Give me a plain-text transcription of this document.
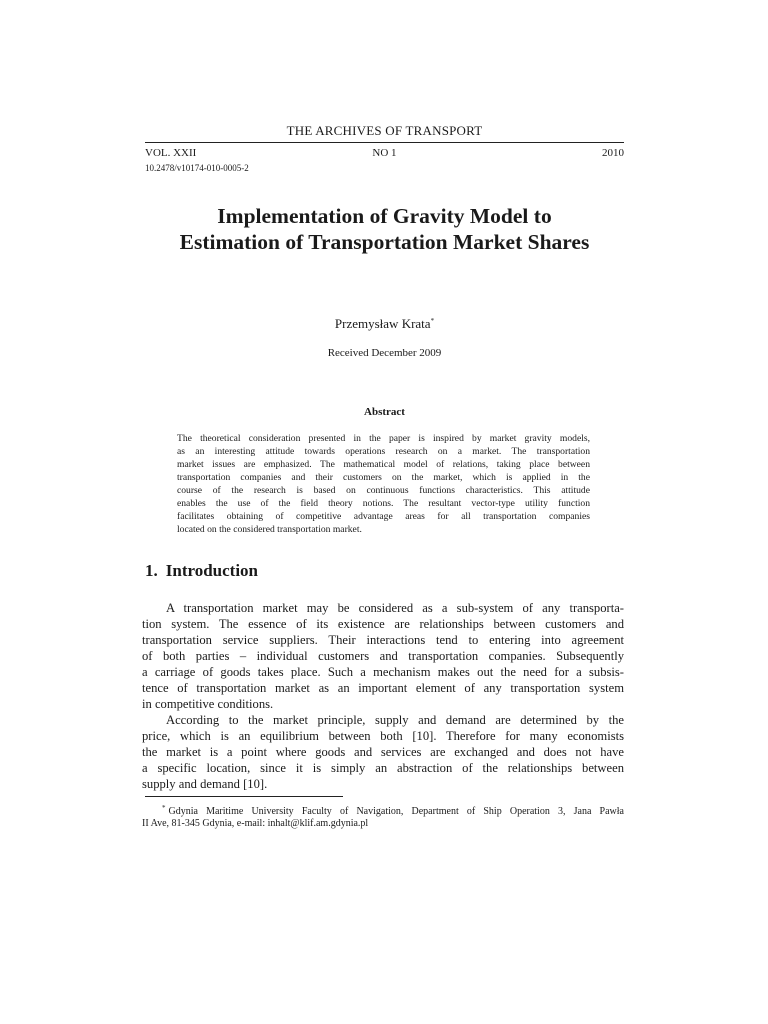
THE ARCHIVES OF TRANSPORT
VOL. XXII	NO 1	2010
10.2478/v10174-010-0005-2
Implementation of Gravity Model to
Estimation of Transportation Market Shares
Przemysław Krata*
Received December 2009
Abstract
The theoretical consideration presented in the paper is inspired by market gravity models,
as an interesting attitude towards operations research on a market. The transportation
market issues are emphasized. The mathematical model of relations, taking place between
transportation companies and their customers on the market, which is applied in the
course of the research is based on continuous functions characteristics. This attitude
enables the use of the field theory notions. The resultant vector-type utility function
facilitates obtaining of competitive advantage areas for all transportation companies
located on the considered transportation market.
1. Introduction
A transportation market may be considered as a sub-system of any transporta-
tion system. The essence of its existence are relationships between customers and
transportation service suppliers. Their interactions tend to entering into agreement
of both parties – individual customers and transportation companies. Subsequently
a carriage of goods takes place. Such a mechanism makes out the need for a subsis-
tence of transportation market as an important element of any transportation system
in competitive conditions.
According to the market principle, supply and demand are determined by the
price, which is an equilibrium between both [10]. Therefore for many economists
the market is a point where goods and services are exchanged and does not have
a specific location, since it is simply an abstraction of the relationships between
supply and demand [10].
* Gdynia Maritime University Faculty of Navigation, Department of Ship Operation 3, Jana Pawła
II Ave, 81-345 Gdynia, e-mail: inhalt@klif.am.gdynia.pl
